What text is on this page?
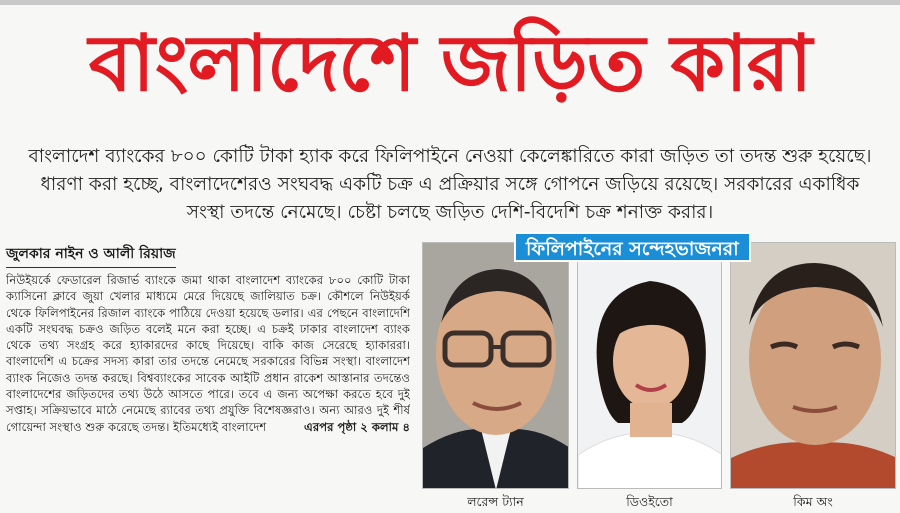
বাংলাদেশে জড়িত কারা
বাংলাদেশ ব্যাংকের ৮০০ কোটি টাকা হ্যাক করে ফিলিপাইনে নেওয়া কেলেঙ্কারিতে কারা জড়িত তা তদন্ত শুরু হয়েছে। ধারণা করা হচ্ছে, বাংলাদেশেরও সংঘবদ্ধ একটি চক্র এ প্রক্রিয়ার সঙ্গে গোপনে জড়িয়ে রয়েছে। সরকারের একাধিক সংস্থা তদন্তে নেমেছে। চেষ্টা চলছে জড়িত দেশি-বিদেশি চক্র শনাক্ত করার।
জুলকার নাইন ও আলী রিয়াজ
নিউইয়র্কে ফেডারেল রিজার্ভ ব্যাংকে জমা থাকা বাংলাদেশ ব্যাংকের ৮০০ কোটি টাকা ক্যাসিনো ক্লাবে জুয়া খেলার মাধ্যমে মেরে দিয়েছে জালিয়াত চক্র। কৌশলে নিউইয়র্ক থেকে ফিলিপাইনের রিজাল ব্যাংকে পাঠিয়ে দেওয়া হয়েছে ডলার। এর পেছনে বাংলাদেশি একটি সংঘবদ্ধ চক্রও জড়িত বলেই মনে করা হচ্ছে। এ চক্রই ঢাকার বাংলাদেশ ব্যাংক থেকে তথ্য সংগ্রহ করে হ্যাকারদের কাছে দিয়েছে। বাকি কাজ সেরেছে হ্যাকাররা। বাংলাদেশি এ চক্রের সদস্য কারা তার তদন্তে নেমেছে সরকারের বিভিন্ন সংস্থা। বাংলাদেশ ব্যাংক নিজেও তদন্ত করছে। বিশ্বব্যাংকের সাবেক আইটি প্রধান রাকেশ আস্তানার তদন্তেও বাংলাদেশের জড়িতদের তথ্য উঠে আসতে পারে। তবে এ জন্য অপেক্ষা করতে হবে দুই সপ্তাহ। সক্রিয়ভাবে মাঠে নেমেছে র‍্যাবের তথ্য প্রযুক্তি বিশেষজ্ঞরাও। অন্য আরও দুই শীর্ষ গোয়েন্দা সংস্থাও শুরু করেছে তদন্ত। ইতিমধ্যেই বাংলাদেশ	এরপর পৃষ্ঠা ২ কলাম ৪
ফিলিপাইনের সন্দেহভাজনরা
লরেন্স ট্যান	ডিওইতো	কিম অং
